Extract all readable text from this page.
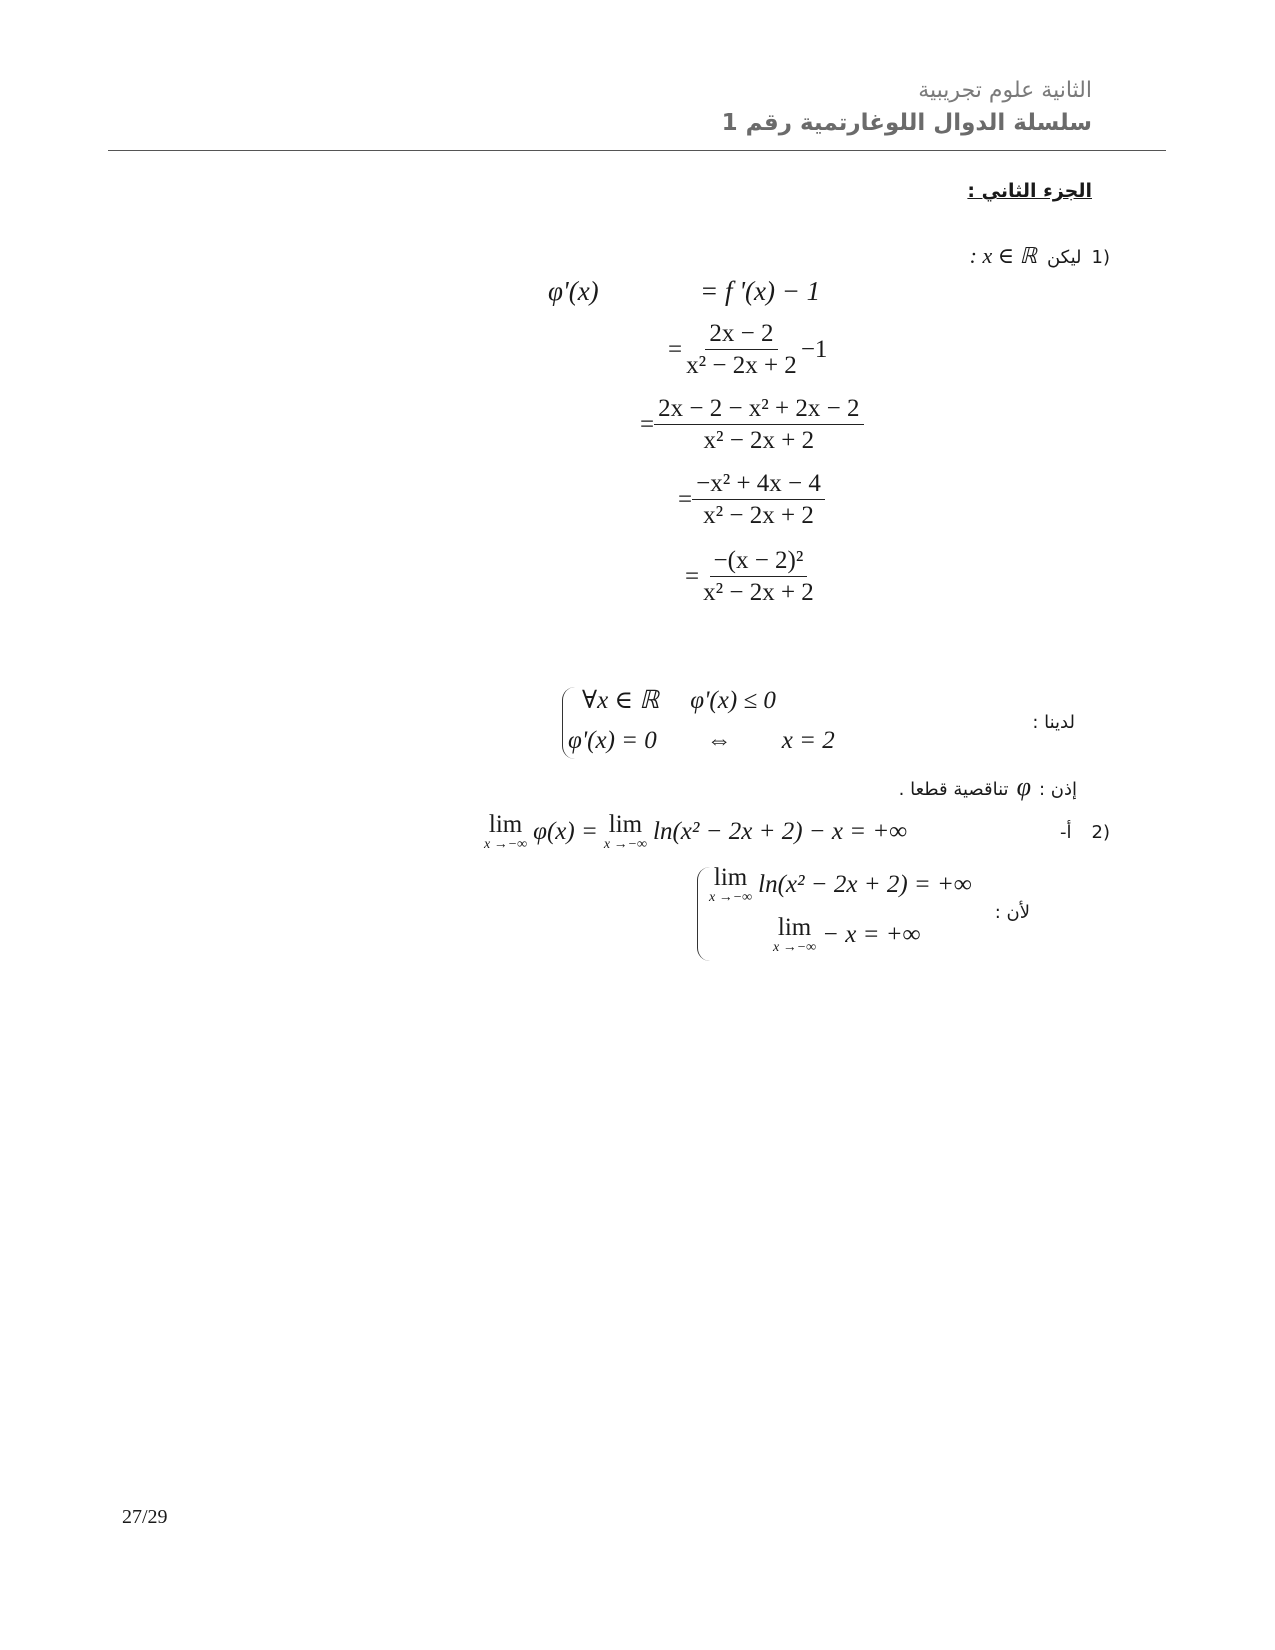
الثانية علوم تجريبية
سلسلة الدوال اللوغارتمية رقم 1
الجزء الثاني :
1)
ليكن
: x ∈ ℝ
φ'(x)	= f '(x) − 1
= $\frac{2x - 2}{\text{x² − 2x + 2}} -1$
= $\frac{\text{2x − 2 − x² + 2x − 2}}{\text{x² − 2x + 2}}$
= $\frac{\text{−x² + 4x − 4}}{\text{x² − 2x + 2}}$
= $\frac{\text{−(x − 2)²}}{\text{x² − 2x + 2}}$
∀x ∈ ℝ     φ'(x) ≤ 0
φ'(x) = 0        ⇔        x = 2
لدينا :
إذن :
φ
تناقصية قطعا .
2)
أ-
lim
x →−∞ φ(x) = lim
x →−∞ ln(x² − 2x + 2) − x = +∞
lim
x →−∞ ln(x² − 2x + 2) = +∞
lim
x →−∞ − x = +∞
لأن :
27/29
